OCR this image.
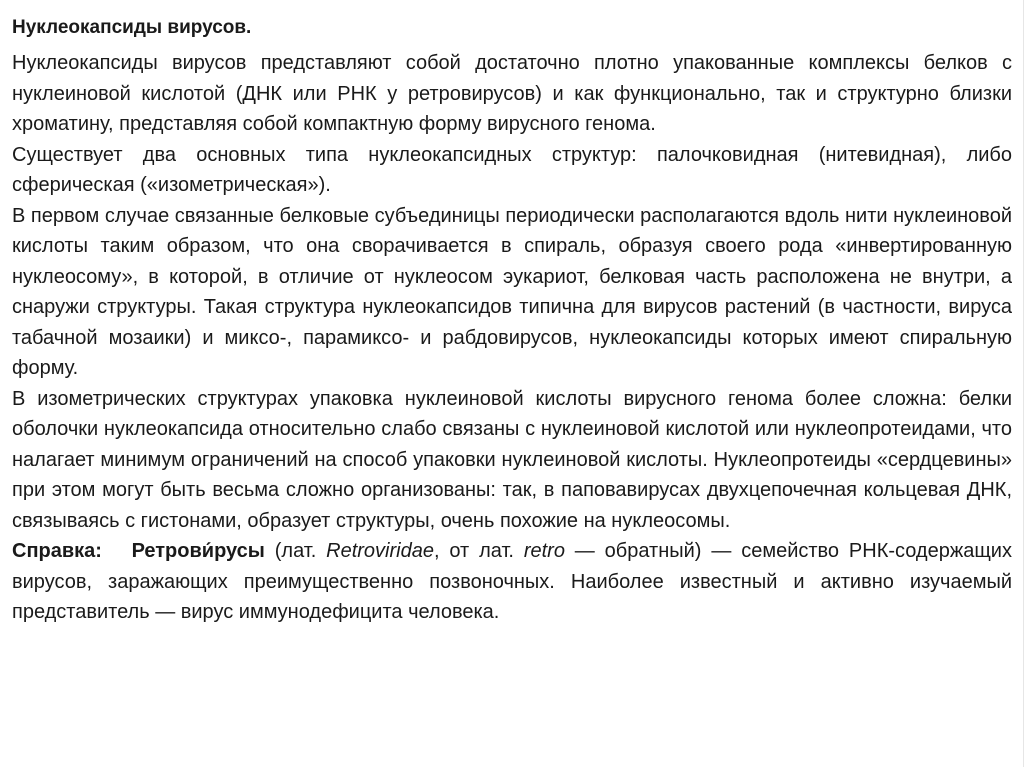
Нуклеокапсиды вирусов.

Нуклеокапсиды вирусов представляют собой достаточно плотно упакованные комплексы белков с нуклеиновой кислотой (ДНК или РНК у ретровирусов) и как функционально, так и структурно близки хроматину, представляя собой компактную форму вирусного генома.

Существует два основных типа нуклеокапсидных структур: палочковидная (нитевидная), либо сферическая («изометрическая»).

В первом случае связанные белковые субъединицы периодически располагаются вдоль нити нуклеиновой кислоты таким образом, что она сворачивается в спираль, образуя своего рода «инвертированную нуклеосому», в которой, в отличие от нуклеосом эукариот, белковая часть расположена не внутри, а снаружи структуры. Такая структура нуклеокапсидов типична для вирусов растений (в частности, вируса табачной мозаики) и миксо-, парамиксо- и рабдовирусов, нуклеокапсиды которых имеют спиральную форму.

В изометрических структурах упаковка нуклеиновой кислоты вирусного генома более сложна: белки оболочки нуклеокапсида относительно слабо связаны с нуклеиновой кислотой или нуклеопротеидами, что налагает минимум ограничений на способ упаковки нуклеиновой кислоты. Нуклеопротеиды «сердцевины» при этом могут быть весьма сложно организованы: так, в паповавирусах двухцепочечная кольцевая ДНК, связываясь с гистонами, образует структуры, очень похожие на нуклеосомы.

Справка: Ретрови́русы (лат. Retroviridae, от лат. retro — обратный) — семейство РНК-содержащих вирусов, заражающих преимущественно позвоночных. Наиболее известный и активно изучаемый представитель — вирус иммунодефицита человека.
